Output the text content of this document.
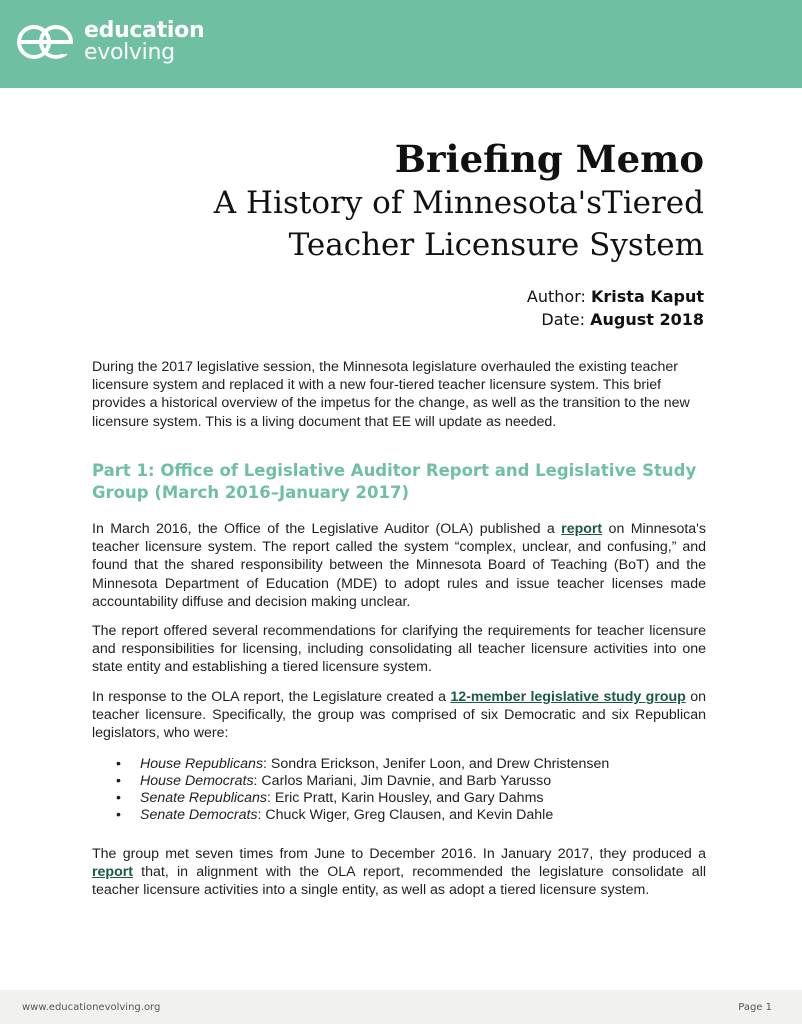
education
evolving
Briefing Memo
A History of Minnesota'sTiered
Teacher Licensure System
Author: Krista Kaput
Date: August 2018

During the 2017 legislative session, the Minnesota legislature overhauled the existing teacher licensure system and replaced it with a new four-tiered teacher licensure system. This brief provides a historical overview of the impetus for the change, as well as the transition to the new licensure system. This is a living document that EE will update as needed.

Part 1: Office of Legislative Auditor Report and Legislative Study Group (March 2016–January 2017)

In March 2016, the Office of the Legislative Auditor (OLA) published a report on Minnesota's teacher licensure system. The report called the system “complex, unclear, and confusing,” and found that the shared responsibility between the Minnesota Board of Teaching (BoT) and the Minnesota Department of Education (MDE) to adopt rules and issue teacher licenses made accountability diffuse and decision making unclear.

The report offered several recommendations for clarifying the requirements for teacher licensure and responsibilities for licensing, including consolidating all teacher licensure activities into one state entity and establishing a tiered licensure system.

In response to the OLA report, the Legislature created a 12-member legislative study group on teacher licensure. Specifically, the group was comprised of six Democratic and six Republican legislators, who were:

• House Republicans: Sondra Erickson, Jenifer Loon, and Drew Christensen
• House Democrats: Carlos Mariani, Jim Davnie, and Barb Yarusso
• Senate Republicans: Eric Pratt, Karin Housley, and Gary Dahms
• Senate Democrats: Chuck Wiger, Greg Clausen, and Kevin Dahle

The group met seven times from June to December 2016. In January 2017, they produced a report that, in alignment with the OLA report, recommended the legislature consolidate all teacher licensure activities into a single entity, as well as adopt a tiered licensure system.

www.educationevolving.org	Page 1
